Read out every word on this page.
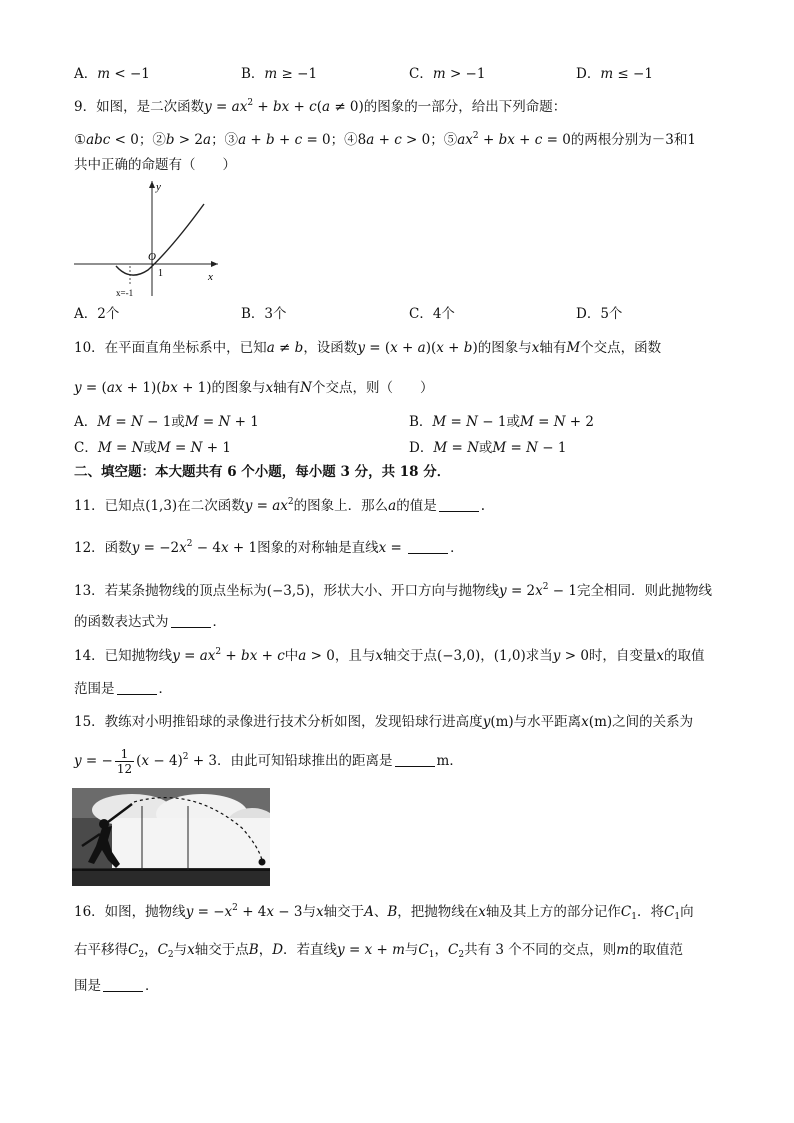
A．m < −1	B．m ≥ −1	C．m > −1	D．m ≤ −1
9．如图，是二次函数$y = ax^2$ + bx + c(a ≠ 0)的图象的一部分，给出下列命题：
①abc < 0；②b > 2a；③a + b + c = 0；④8a + c > 0；$⑤ax^2$ + bx + c = 0的两根分别为－3和1
共中正确的命题有（　　）
y
x
O
1
x=-1
A．2个	B．3个	C．4个	D．5个
10．在平面直角坐标系中，已知a ≠ b，设函数y = (x + a)(x + b)的图象与x轴有M个交点，函数
y = (ax + 1)(bx + 1)的图象与x轴有N个交点，则（　　）
A．M = N − 1或M = N + 1	B．M = N − 1或M = N + 2
C．M = N或M = N + 1	D．M = N或M = N − 1
二、填空题：本大题共有 6 个小题，每小题 3 分，共 18 分．
11．已知点(1,3)在二次函数$y = ax^2$的图象上．那么a的值是	.
12．函数$y = -2x^2 - 4x + 1$图象的对称轴是直线x =	．
13．若某条抛物线的顶点坐标为(−3,5)，形状大小、开口方向与抛物线$y = 2x^2 - 1$完全相同．则此抛物线
的函数表达式为	．
14．已知抛物线$y = ax^2$ + bx + c中a > 0，且与x轴交于点(−3,0)，(1,0)求当y > 0时，自变量x的取值
范围是	．
15．教练对小明推铅球的录像进行技术分析如图，发现铅球行进高度y(m)与水平距离x(m)之间的关系为
y = − $\frac{1}{12} (x - 4)^2 + 3$．由此可知铅球推出的距离是	m．
16．如图，抛物线$y = -x^2 + 4x - 3$与x轴交于A、B，把抛物线在x轴及其上方的部分记作$C_1$．将$C_1$向
右平移得$C_2$，$C_2$与x轴交于点B，D．若直线y = x + m与$C_1$，$C_2$共有 3 个不同的交点，则m的取值范
围是	．
